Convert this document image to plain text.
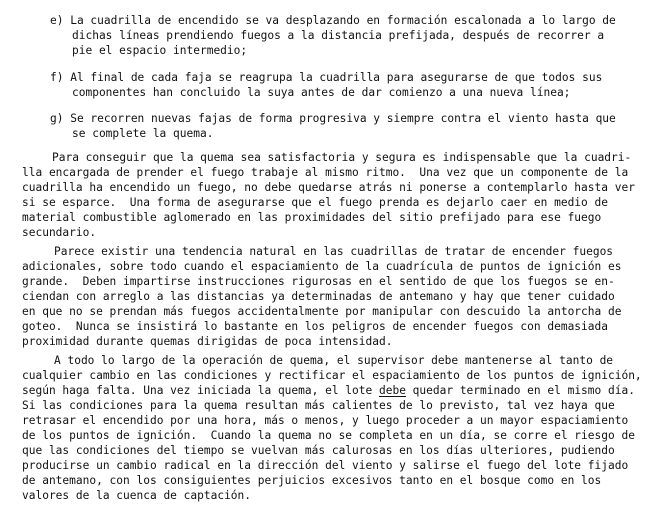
e) La cuadrilla de encendido se va desplazando en formación escalonada a lo largo de
dichas líneas prendiendo fuegos a la distancia prefijada, después de recorrer a
pie el espacio intermedio;
f) Al final de cada faja se reagrupa la cuadrilla para asegurarse de que todos sus
componentes han concluido la suya antes de dar comienzo a una nueva línea;
g) Se recorren nuevas fajas de forma progresiva y siempre contra el viento hasta que
se complete la quema.
Para conseguir que la quema sea satisfactoria y segura es indispensable que la cuadri-
lla encargada de prender el fuego trabaje al mismo ritmo.  Una vez que un componente de la
cuadrilla ha encendido un fuego, no debe quedarse atrás ni ponerse a contemplarlo hasta ver
si se esparce.  Una forma de asegurarse que el fuego prenda es dejarlo caer en medio de
material combustible aglomerado en las proximidades del sitio prefijado para ese fuego
secundario.
Parece existir una tendencia natural en las cuadrillas de tratar de encender fuegos
adicionales, sobre todo cuando el espaciamiento de la cuadrícula de puntos de ignición es
grande.  Deben impartirse instrucciones rigurosas en el sentido de que los fuegos se en-
ciendan con arreglo a las distancias ya determinadas de antemano y hay que tener cuidado
en que no se prendan más fuegos accidentalmente por manipular con descuido la antorcha de
goteo.  Nunca se insistirá lo bastante en los peligros de encender fuegos con demasiada
proximidad durante quemas dirigidas de poca intensidad.
A todo lo largo de la operación de quema, el supervisor debe mantenerse al tanto de
cualquier cambio en las condiciones y rectificar el espaciamiento de los puntos de ignición,
según haga falta. Una vez iniciada la quema, el lote debe quedar terminado en el mismo día.
Si las condiciones para la quema resultan más calientes de lo previsto, tal vez haya que
retrasar el encendido por una hora, más o menos, y luego proceder a un mayor espaciamiento
de los puntos de ignición.  Cuando la quema no se completa en un día, se corre el riesgo de
que las condiciones del tiempo se vuelvan más calurosas en los días ulteriores, pudiendo
producirse un cambio radical en la dirección del viento y salirse el fuego del lote fijado
de antemano, con los consiguientes perjuicios excesivos tanto en el bosque como en los
valores de la cuenca de captación.
